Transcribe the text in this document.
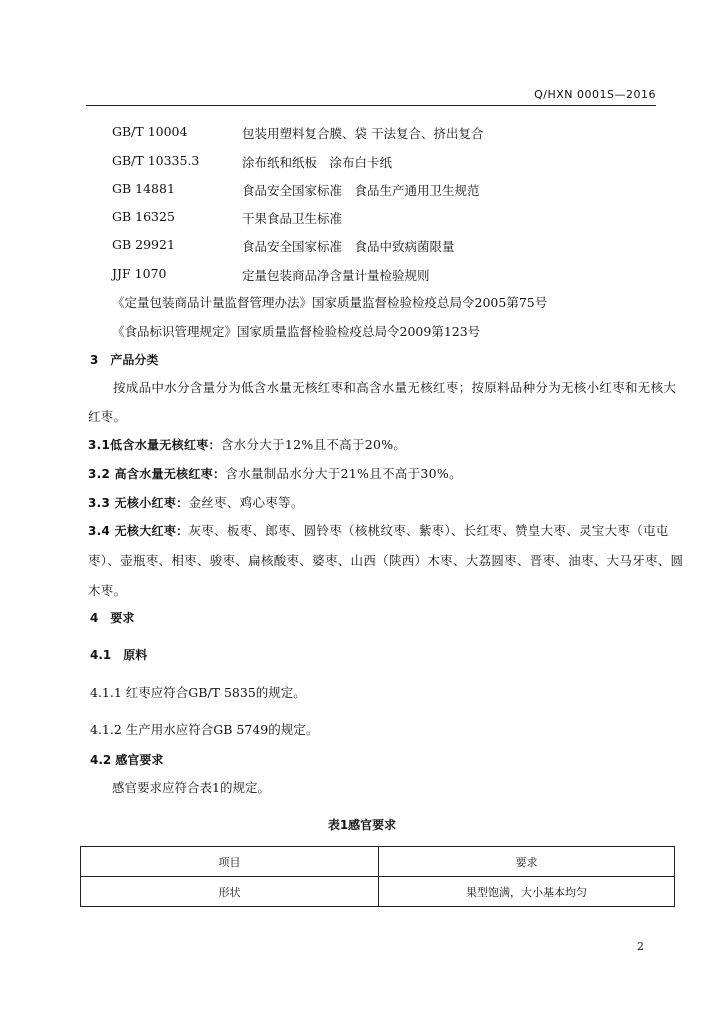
Q/HXN 0001S—2016
GB/T 10004	包装用塑料复合膜、袋 干法复合、挤出复合
GB/T 10335.3	涂布纸和纸板　涂布白卡纸
GB 14881	食品安全国家标准　食品生产通用卫生规范
GB 16325	干果食品卫生标准
GB 29921	食品安全国家标准　食品中致病菌限量
JJF 1070	定量包装商品净含量计量检验规则
《定量包装商品计量监督管理办法》国家质量监督检验检疫总局令2005第75号
《食品标识管理规定》国家质量监督检验检疫总局令2009第123号
3　产品分类
按成品中水分含量分为低含水量无核红枣和高含水量无核红枣；按原料品种分为无核小红枣和无核大红枣。
3.1低含水量无核红枣：含水分大于12%且不高于20%。
3.2 高含水量无核红枣：含水量制品水分大于21%且不高于30%。
3.3 无核小红枣：金丝枣、鸡心枣等。
3.4 无核大红枣：灰枣、板枣、郎枣、圆铃枣（核桃纹枣、紫枣）、长红枣、赞皇大枣、灵宝大枣（屯屯枣）、壶瓶枣、相枣、骏枣、扁核酸枣、婆枣、山西（陕西）木枣、大荔圆枣、晋枣、油枣、大马牙枣、圆木枣。
4　要求
4.1　原料
4.1.1 红枣应符合GB/T 5835的规定。
4.1.2 生产用水应符合GB 5749的规定。
4.2 感官要求
感官要求应符合表1的规定。
表1感官要求
项目	要求
形状	果型饱满，大小基本均匀
2
